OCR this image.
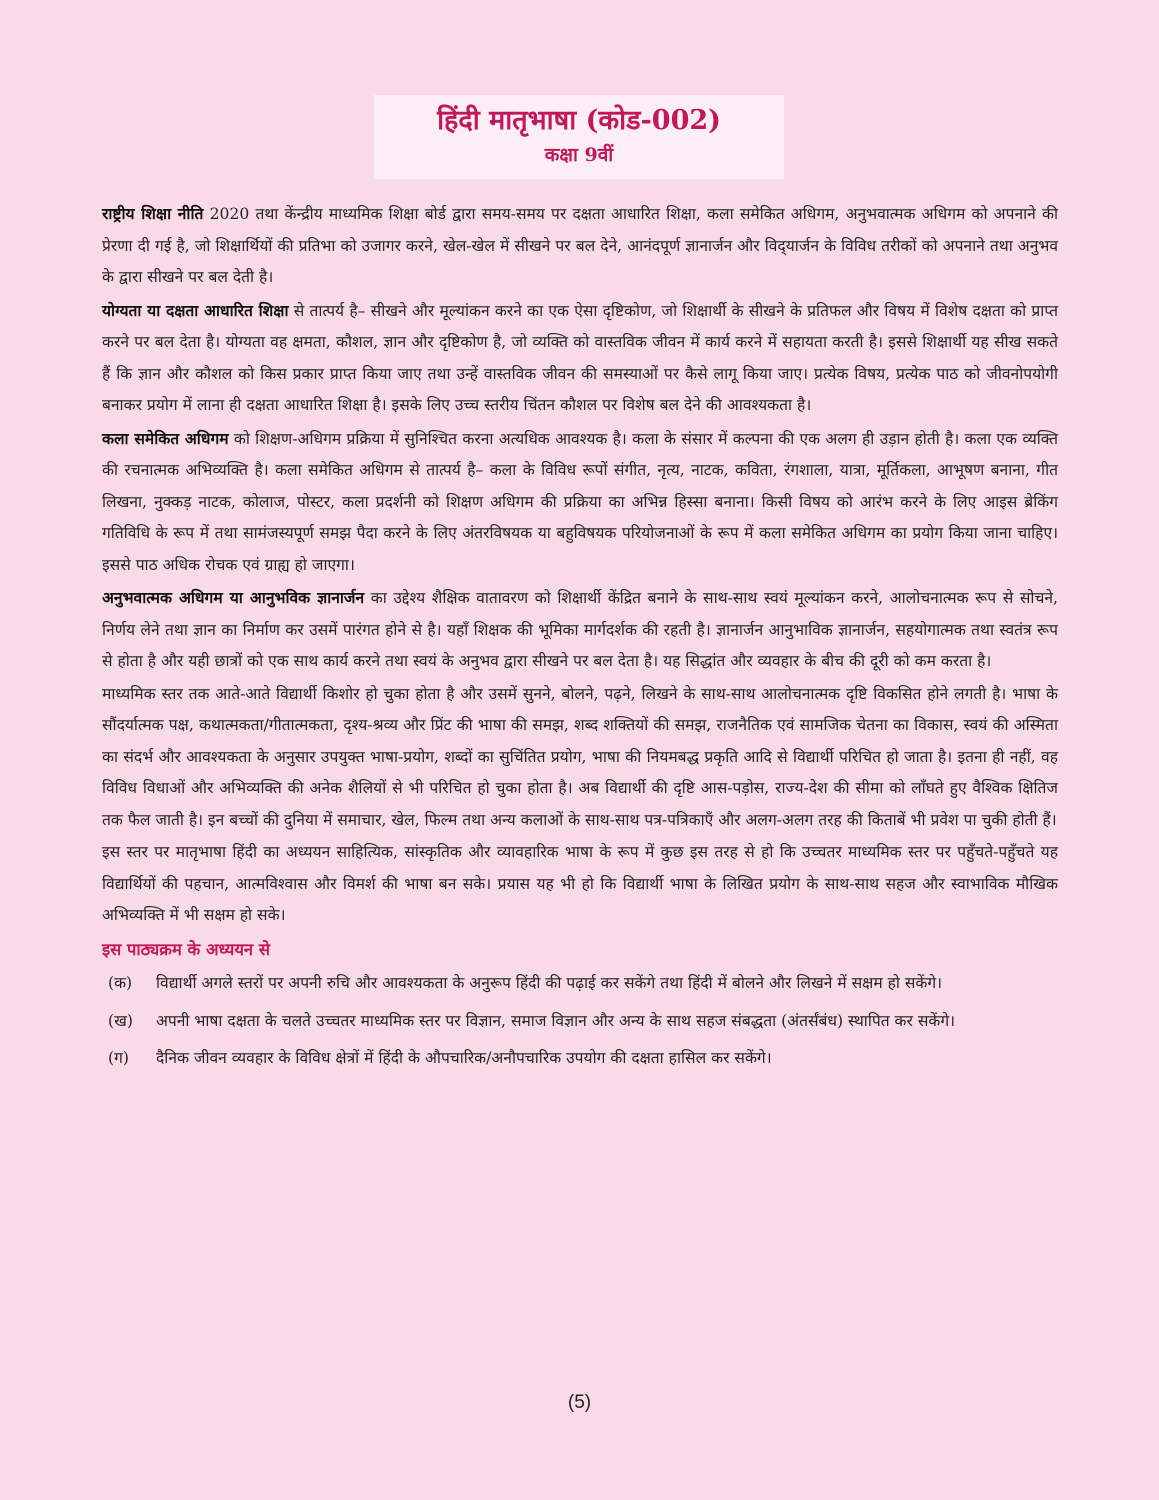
हिंदी मातृभाषा (कोड-002)
कक्षा 9वीं

राष्ट्रीय शिक्षा नीति 2020 तथा केंन्द्रीय माध्यमिक शिक्षा बोर्ड द्वारा समय-समय पर दक्षता आधारित शिक्षा, कला समेकित अधिगम, अनुभवात्मक अधिगम को अपनाने की प्रेरणा दी गई है, जो शिक्षार्थियों की प्रतिभा को उजागर करने, खेल-खेल में सीखने पर बल देने, आनंदपूर्ण ज्ञानार्जन और विद्‌यार्जन के विविध तरीकों को अपनाने तथा अनुभव के द्वारा सीखने पर बल देती है।

योग्यता या दक्षता आधारित शिक्षा से तात्पर्य है– सीखने और मूल्यांकन करने का एक ऐसा दृष्टिकोण, जो शिक्षार्थी के सीखने के प्रतिफल और विषय में विशेष दक्षता को प्राप्त करने पर बल देता है। योग्यता वह क्षमता, कौशल, ज्ञान और दृष्टिकोण है, जो व्यक्ति को वास्तविक जीवन में कार्य करने में सहायता करती है। इससे शिक्षार्थी यह सीख सकते हैं कि ज्ञान और कौशल को किस प्रकार प्राप्त किया जाए तथा उन्हें वास्तविक जीवन की समस्याओं पर कैसे लागू किया जाए। प्रत्येक विषय, प्रत्येक पाठ को जीवनोपयोगी बनाकर प्रयोग में लाना ही दक्षता आधारित शिक्षा है। इसके लिए उच्च स्तरीय चिंतन कौशल पर विशेष बल देने की आवश्यकता है।

कला समेकित अधिगम को शिक्षण-अधिगम प्रक्रिया में सुनिश्चित करना अत्यधिक आवश्यक है। कला के संसार में कल्पना की एक अलग ही उड़ान होती है। कला एक व्यक्ति की रचनात्मक अभिव्यक्ति है। कला समेकित अधिगम से तात्पर्य है– कला के विविध रूपों संगीत, नृत्य, नाटक, कविता, रंगशाला, यात्रा, मूर्तिकला, आभूषण बनाना, गीत लिखना, नुक्कड़ नाटक, कोलाज, पोस्टर, कला प्रदर्शनी को शिक्षण अधिगम की प्रक्रिया का अभिन्न हिस्सा बनाना। किसी विषय को आरंभ करने के लिए आइस ब्रेकिंग गतिविधि के रूप में तथा सामंजस्यपूर्ण समझ पैदा करने के लिए अंतरविषयक या बहुविषयक परियोजनाओं के रूप में कला समेकित अधिगम का प्रयोग किया जाना चाहिए। इससे पाठ अधिक रोचक एवं ग्राह्य हो जाएगा।

अनुभवात्मक अधिगम या आनुभविक ज्ञानार्जन का उद्देश्य शैक्षिक वातावरण को शिक्षार्थी केंद्रित बनाने के साथ-साथ स्वयं मूल्यांकन करने, आलोचनात्मक रूप से सोचने, निर्णय लेने तथा ज्ञान का निर्माण कर उसमें पारंगत होने से है। यहाँ शिक्षक की भूमिका मार्गदर्शक की रहती है। ज्ञानार्जन आनुभाविक ज्ञानार्जन, सहयोगात्मक तथा स्वतंत्र रूप से होता है और यही छात्रों को एक साथ कार्य करने तथा स्वयं के अनुभव द्वारा सीखने पर बल देता है। यह सिद्धांत और व्यवहार के बीच की दूरी को कम करता है।

माध्यमिक स्तर तक आते-आते विद्यार्थी किशोर हो चुका होता है और उसमें सुनने, बोलने, पढ़ने, लिखने के साथ-साथ आलोचनात्मक दृष्टि विकसित होने लगती है। भाषा के सौंदर्यात्मक पक्ष, कथात्मकता/गीतात्मकता, दृश्य-श्रव्य और प्रिंट की भाषा की समझ, शब्द शक्तियों की समझ, राजनैतिक एवं सामजिक चेतना का विकास, स्वयं की अस्मिता का संदर्भ और आवश्यकता के अनुसार उपयुक्त भाषा-प्रयोग, शब्दों का सुचिंतित प्रयोग, भाषा की नियमबद्ध प्रकृति आदि से विद्यार्थी परिचित हो जाता है। इतना ही नहीं, वह विविध विधाओं और अभिव्यक्ति की अनेक शैलियों से भी परिचित हो चुका होता है। अब विद्यार्थी की दृष्टि आस-पड़ोस, राज्य-देश की सीमा को लाँघते हुए वैश्विक क्षितिज तक फैल जाती है। इन बच्चों की दुनिया में समाचार, खेल, फिल्म तथा अन्य कलाओं के साथ-साथ पत्र-पत्रिकाएँ और अलग-अलग तरह की किताबें भी प्रवेश पा चुकी होती हैं।

इस स्तर पर मातृभाषा हिंदी का अध्ययन साहित्यिक, सांस्कृतिक और व्यावहारिक भाषा के रूप में कुछ इस तरह से हो कि उच्चतर माध्यमिक स्तर पर पहुँचते-पहुँचते यह विद्यार्थियों की पहचान, आत्मविश्वास और विमर्श की भाषा बन सके। प्रयास यह भी हो कि विद्यार्थी भाषा के लिखित प्रयोग के साथ-साथ सहज और स्वाभाविक मौखिक अभिव्यक्ति में भी सक्षम हो सके।

इस पाठ्यक्रम के अध्ययन से
(क) विद्यार्थी अगले स्तरों पर अपनी रुचि और आवश्यकता के अनुरूप हिंदी की पढ़ाई कर सकेंगे तथा हिंदी में बोलने और लिखने में सक्षम हो सकेंगे।
(ख) अपनी भाषा दक्षता के चलते उच्चतर माध्यमिक स्तर पर विज्ञान, समाज विज्ञान और अन्य के साथ सहज संबद्धता (अंतर्संबंध) स्थापित कर सकेंगे।
(ग) दैनिक जीवन व्यवहार के विविध क्षेत्रों में हिंदी के औपचारिक/अनौपचारिक उपयोग की दक्षता हासिल कर सकेंगे।
(5)
